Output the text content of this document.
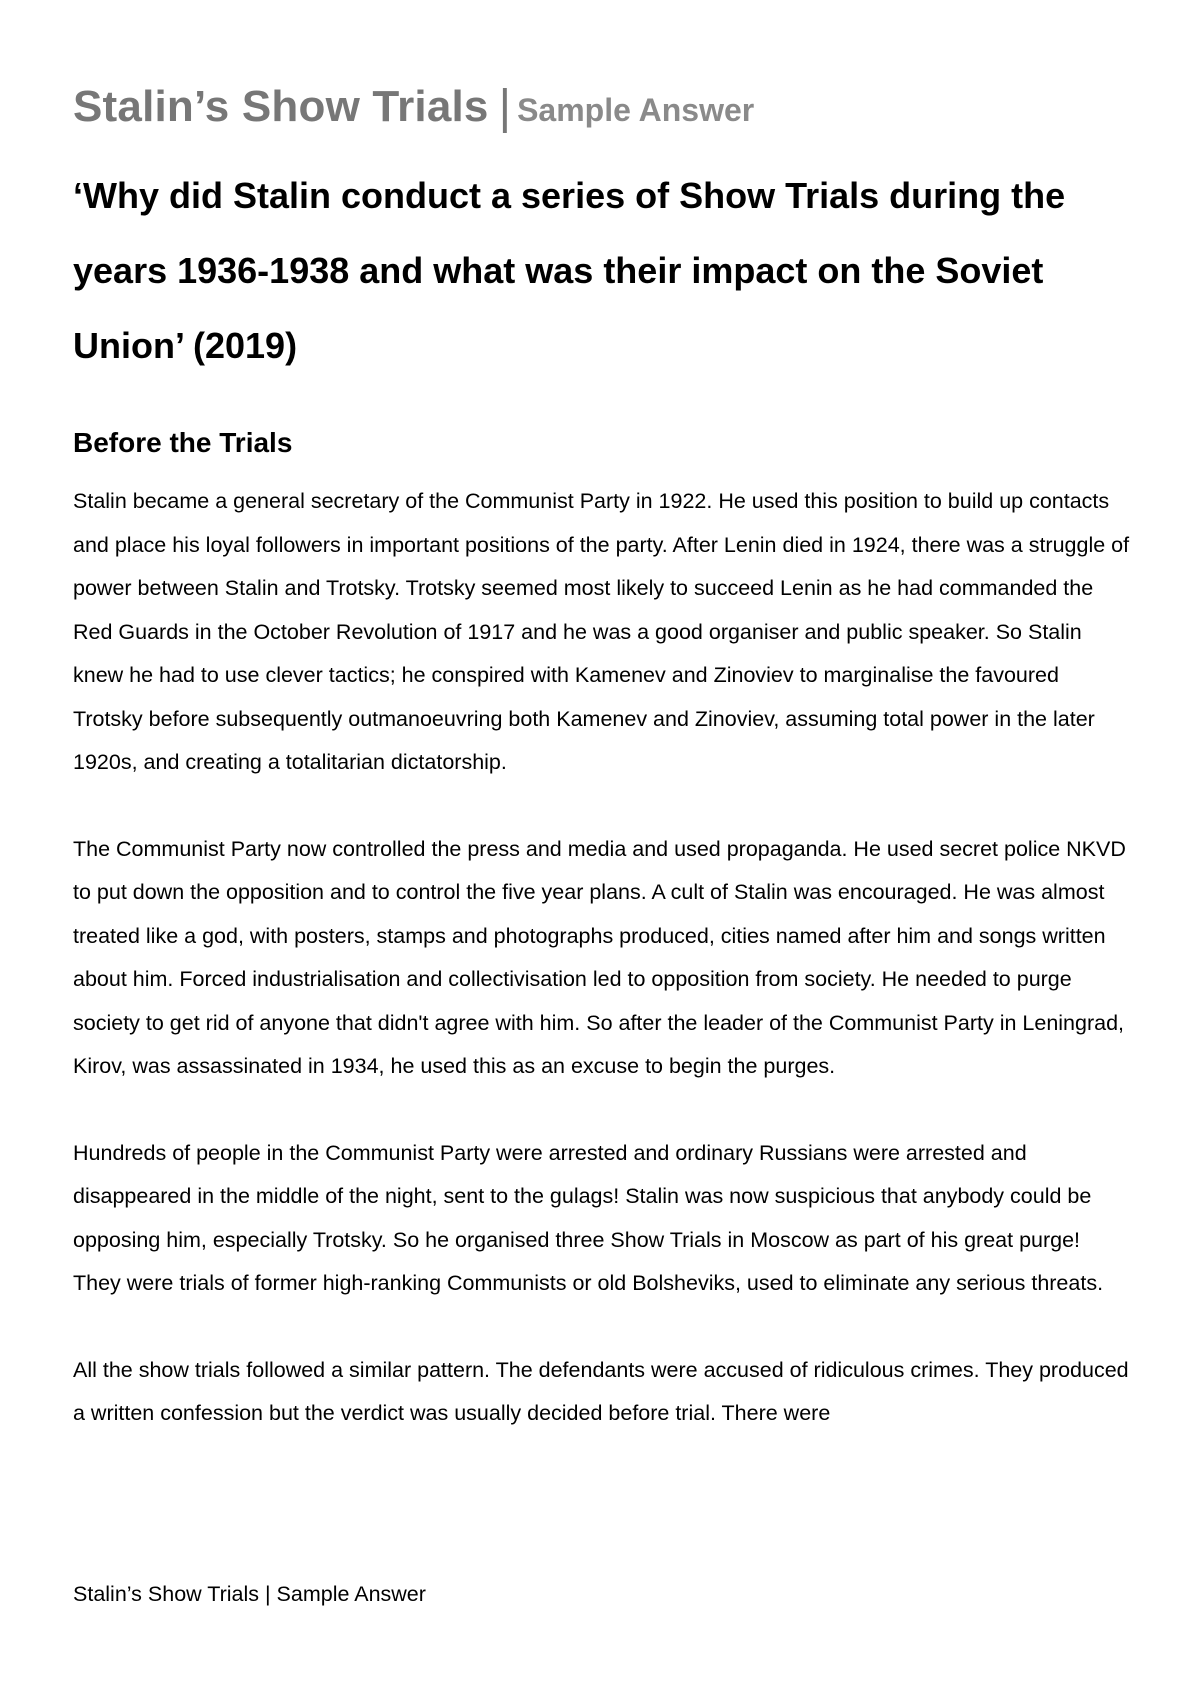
Stalin’s Show Trials | Sample Answer
‘Why did Stalin conduct a series of Show Trials during the years 1936-1938 and what was their impact on the Soviet Union’ (2019)
Before the Trials

Stalin became a general secretary of the Communist Party in 1922. He used this position to build up contacts and place his loyal followers in important positions of the party. After Lenin died in 1924, there was a struggle of power between Stalin and Trotsky. Trotsky seemed most likely to succeed Lenin as he had commanded the Red Guards in the October Revolution of 1917 and he was a good organiser and public speaker. So Stalin knew he had to use clever tactics; he conspired with Kamenev and Zinoviev to marginalise the favoured Trotsky before subsequently outmanoeuvring both Kamenev and Zinoviev, assuming total power in the later 1920s, and creating a totalitarian dictatorship.

The Communist Party now controlled the press and media and used propaganda. He used secret police NKVD to put down the opposition and to control the five year plans. A cult of Stalin was encouraged. He was almost treated like a god, with posters, stamps and photographs produced, cities named after him and songs written about him. Forced industrialisation and collectivisation led to opposition from society. He needed to purge society to get rid of anyone that didn't agree with him. So after the leader of the Communist Party in Leningrad, Kirov, was assassinated in 1934, he used this as an excuse to begin the purges.

Hundreds of people in the Communist Party were arrested and ordinary Russians were arrested and disappeared in the middle of the night, sent to the gulags! Stalin was now suspicious that anybody could be opposing him, especially Trotsky. So he organised three Show Trials in Moscow as part of his great purge! They were trials of former high-ranking Communists or old Bolsheviks, used to eliminate any serious threats.

All the show trials followed a similar pattern. The defendants were accused of ridiculous crimes. They produced a written confession but the verdict was usually decided before trial. There were

Stalin’s Show Trials | Sample Answer
